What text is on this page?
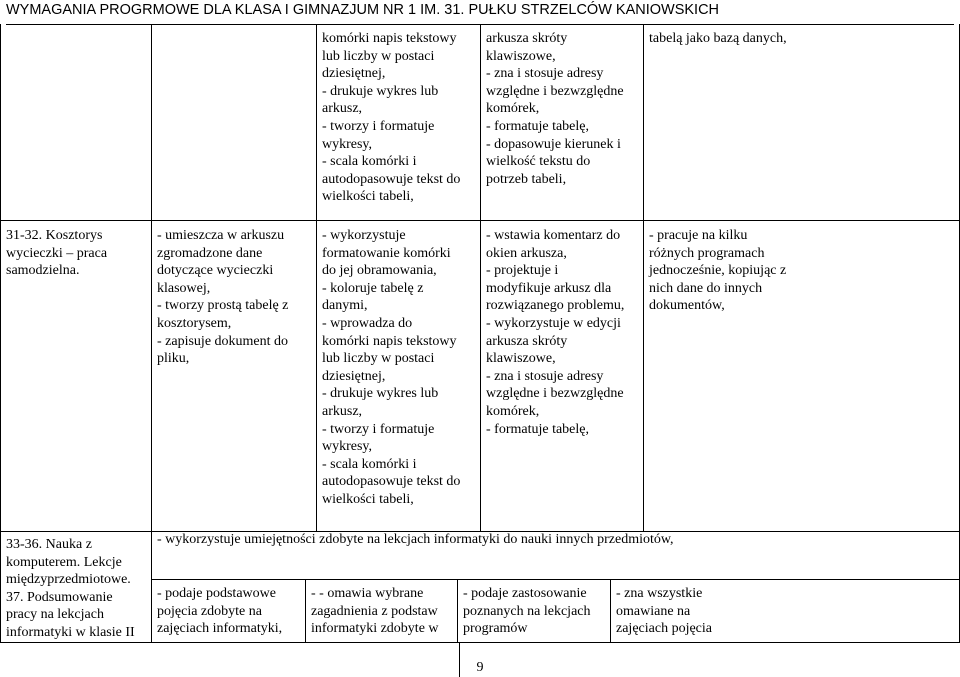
WYMAGANIA PROGRMOWE DLA KLASA I GIMNAZJUM NR 1 IM. 31. PUŁKU STRZELCÓW KANIOWSKICH
komórki napis tekstowy
lub liczby w postaci
dziesiętnej,
- drukuje wykres lub
arkusz,
- tworzy i formatuje
wykresy,
- scala komórki i
autodopasowuje tekst do
wielkości tabeli,
arkusza skróty
klawiszowe,
- zna i stosuje adresy
względne i bezwzględne
komórek,
- formatuje tabelę,
- dopasowuje kierunek i
wielkość tekstu do
potrzeb tabeli,
tabelą jako bazą danych,
31-32. Kosztorys
wycieczki – praca
samodzielna.
- umieszcza w arkuszu
zgromadzone dane
dotyczące wycieczki
klasowej,
- tworzy prostą tabelę z
kosztorysem,
- zapisuje dokument do
pliku,
- wykorzystuje
formatowanie komórki
do jej obramowania,
- koloruje tabelę z
danymi,
- wprowadza do
komórki napis tekstowy
lub liczby w postaci
dziesiętnej,
- drukuje wykres lub
arkusz,
- tworzy i formatuje
wykresy,
- scala komórki i
autodopasowuje tekst do
wielkości tabeli,
- wstawia komentarz do
okien arkusza,
- projektuje i
modyfikuje arkusz dla
rozwiązanego problemu,
- wykorzystuje w edycji
arkusza skróty
klawiszowe,
- zna i stosuje adresy
względne i bezwzględne
komórek,
- formatuje tabelę,
- pracuje na kilku
różnych programach
jednocześnie, kopiując z
nich dane do innych
dokumentów,
33-36. Nauka z
komputerem. Lekcje
międzyprzedmiotowe.
37. Podsumowanie
pracy na lekcjach
informatyki w klasie II
- wykorzystuje umiejętności zdobyte na lekcjach informatyki do nauki innych przedmiotów,
- podaje podstawowe
pojęcia zdobyte na
zajęciach informatyki,
- - omawia wybrane
zagadnienia z podstaw
informatyki zdobyte w
- podaje zastosowanie
poznanych na lekcjach
programów
- zna wszystkie
omawiane na
zajęciach pojęcia
9
